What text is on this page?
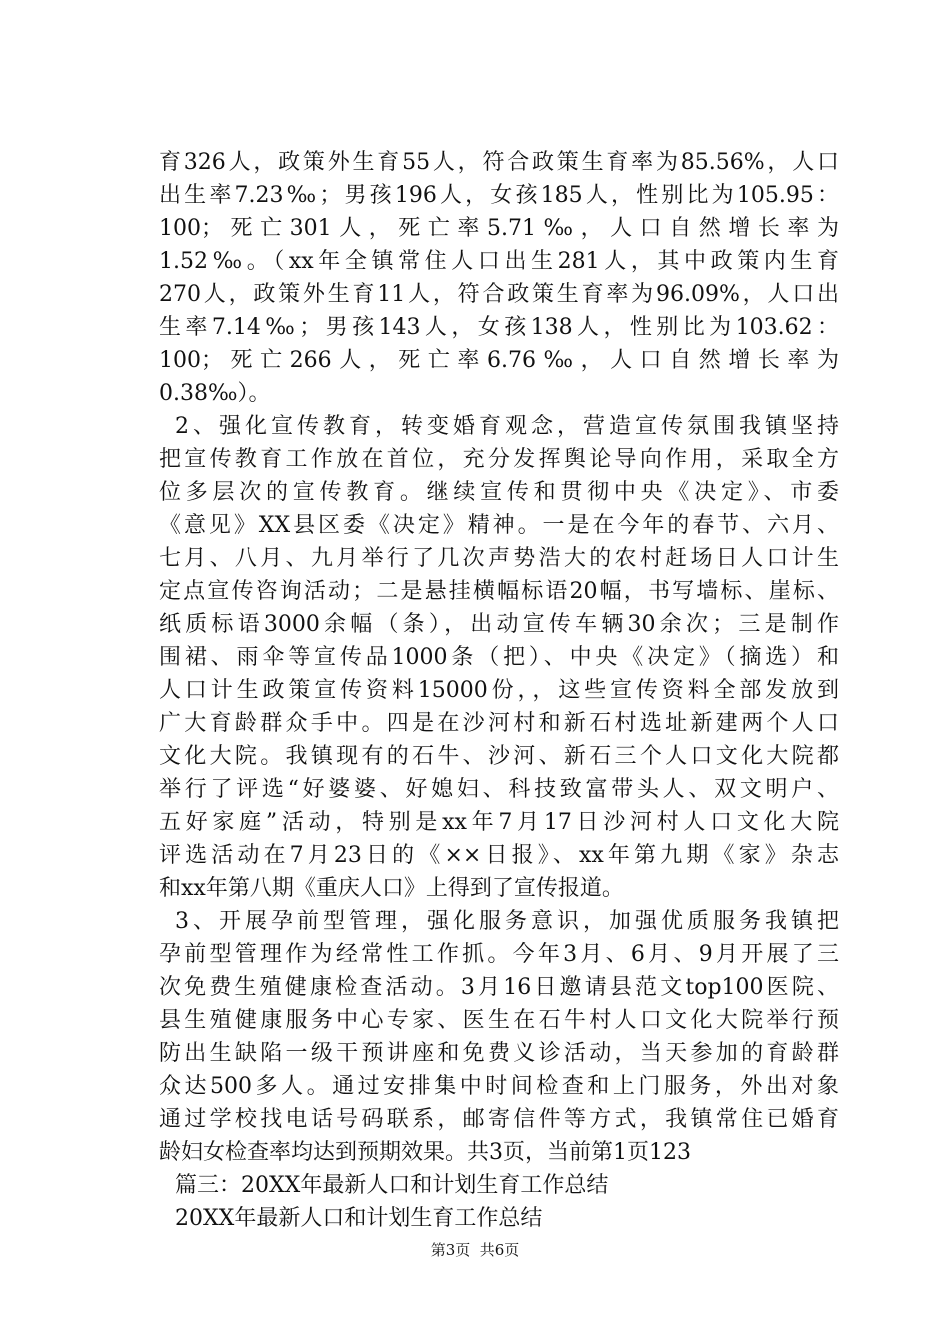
育326人，政策外生育55人，符合政策生育率为85.56%，人口
出生率7.23‰；男孩196人，女孩185人，性别比为105.95：
100；死亡301人，死亡率5.71‰，人口自然增长率为
1.52‰。（xx年全镇常住人口出生281人，其中政策内生育
270人，政策外生育11人，符合政策生育率为96.09%，人口出
生率7.14‰；男孩143人，女孩138人，性别比为103.62：
100；死亡266人，死亡率6.76‰，人口自然增长率为
0.38‰）。
2、强化宣传教育，转变婚育观念，营造宣传氛围我镇坚持
把宣传教育工作放在首位，充分发挥舆论导向作用，采取全方
位多层次的宣传教育。继续宣传和贯彻中央《决定》、市委
《意见》XX县区委《决定》精神。一是在今年的春节、六月、
七月、八月、九月举行了几次声势浩大的农村赶场日人口计生
定点宣传咨询活动；二是悬挂横幅标语20幅，书写墙标、崖标、
纸质标语3000余幅（条），出动宣传车辆30余次；三是制作
围裙、雨伞等宣传品1000条（把）、中央《决定》（摘选）和
人口计生政策宣传资料15000份，，这些宣传资料全部发放到
广大育龄群众手中。四是在沙河村和新石村选址新建两个人口
文化大院。我镇现有的石牛、沙河、新石三个人口文化大院都
举行了评选“好婆婆、好媳妇、科技致富带头人、双文明户、
五好家庭”活动，特别是xx年7月17日沙河村人口文化大院
评选活动在7月23日的《××日报》、xx年第九期《家》杂志
和xx年第八期《重庆人口》上得到了宣传报道。
3、开展孕前型管理，强化服务意识，加强优质服务我镇把
孕前型管理作为经常性工作抓。今年3月、6月、9月开展了三
次免费生殖健康检查活动。3月16日邀请县范文top100医院、
县生殖健康服务中心专家、医生在石牛村人口文化大院举行预
防出生缺陷一级干预讲座和免费义诊活动，当天参加的育龄群
众达500多人。通过安排集中时间检查和上门服务，外出对象
通过学校找电话号码联系，邮寄信件等方式，我镇常住已婚育
龄妇女检查率均达到预期效果。共3页，当前第1页123
篇三：20XX年最新人口和计划生育工作总结
20XX年最新人口和计划生育工作总结
第3页  共6页
